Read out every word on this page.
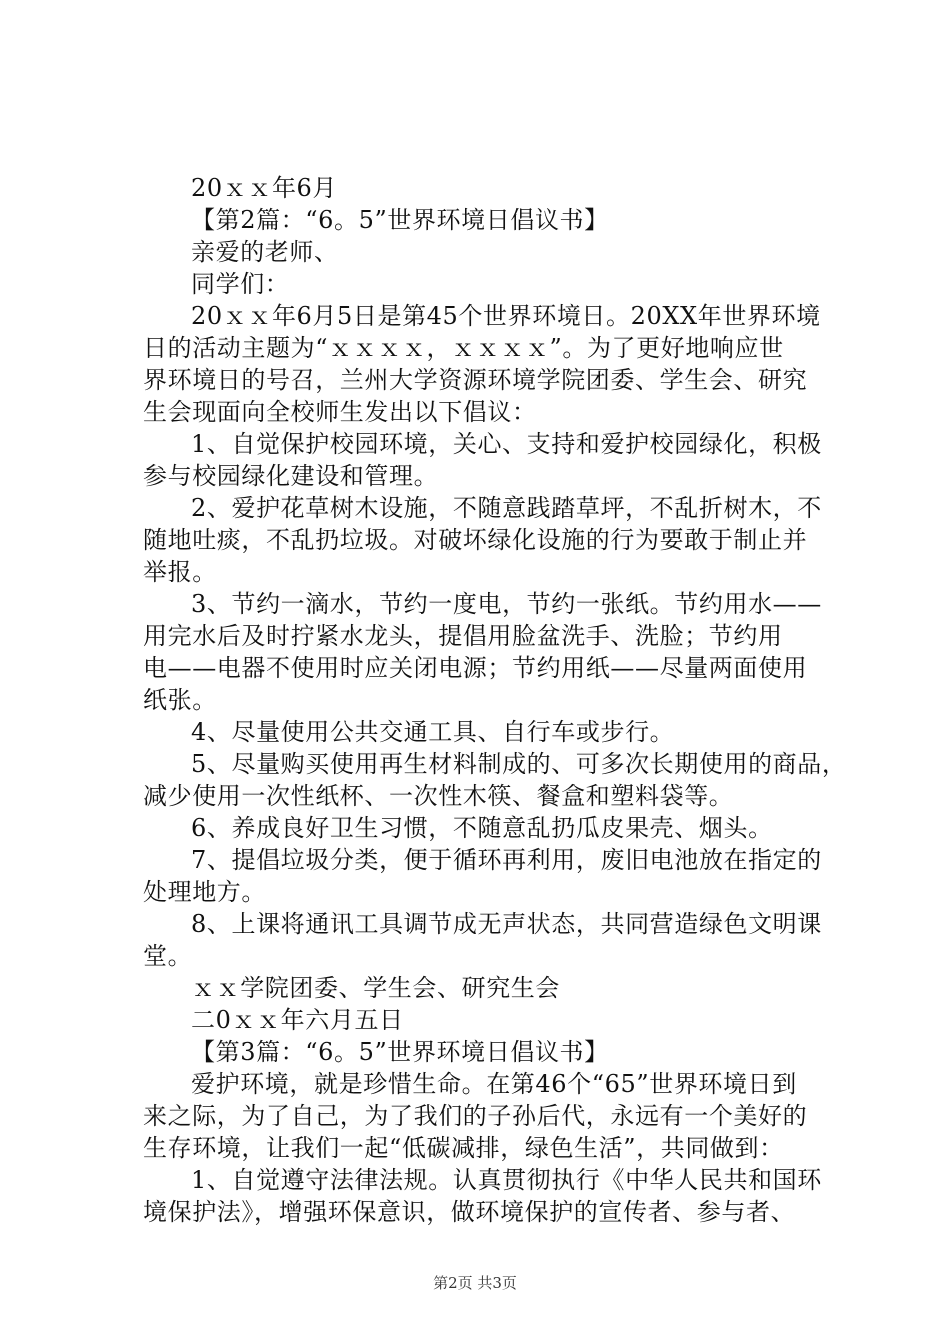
20ｘｘ年6月
【第2篇：“6。5”世界环境日倡议书】
亲爱的老师、
同学们：
20ｘｘ年6月5日是第45个世界环境日。20XX年世界环境
日的活动主题为“ｘｘｘｘ，ｘｘｘｘ”。为了更好地响应世
界环境日的号召，兰州大学资源环境学院团委、学生会、研究
生会现面向全校师生发出以下倡议：
1、自觉保护校园环境，关心、支持和爱护校园绿化，积极
参与校园绿化建设和管理。
2、爱护花草树木设施，不随意践踏草坪，不乱折树木，不
随地吐痰，不乱扔垃圾。对破坏绿化设施的行为要敢于制止并
举报。
3、节约一滴水，节约一度电，节约一张纸。节约用水——
用完水后及时拧紧水龙头，提倡用脸盆洗手、洗脸；节约用
电——电器不使用时应关闭电源；节约用纸——尽量两面使用
纸张。
4、尽量使用公共交通工具、自行车或步行。
5、尽量购买使用再生材料制成的、可多次长期使用的商品，
减少使用一次性纸杯、一次性木筷、餐盒和塑料袋等。
6、养成良好卫生习惯，不随意乱扔瓜皮果壳、烟头。
7、提倡垃圾分类，便于循环再利用，废旧电池放在指定的
处理地方。
8、上课将通讯工具调节成无声状态，共同营造绿色文明课
堂。
ｘｘ学院团委、学生会、研究生会
二0ｘｘ年六月五日
【第3篇：“6。5”世界环境日倡议书】
爱护环境，就是珍惜生命。在第46个“65”世界环境日到
来之际，为了自己，为了我们的子孙后代，永远有一个美好的
生存环境，让我们一起“低碳减排，绿色生活”，共同做到：
1、自觉遵守法律法规。认真贯彻执行《中华人民共和国环
境保护法》，增强环保意识，做环境保护的宣传者、参与者、
第2页 共3页
